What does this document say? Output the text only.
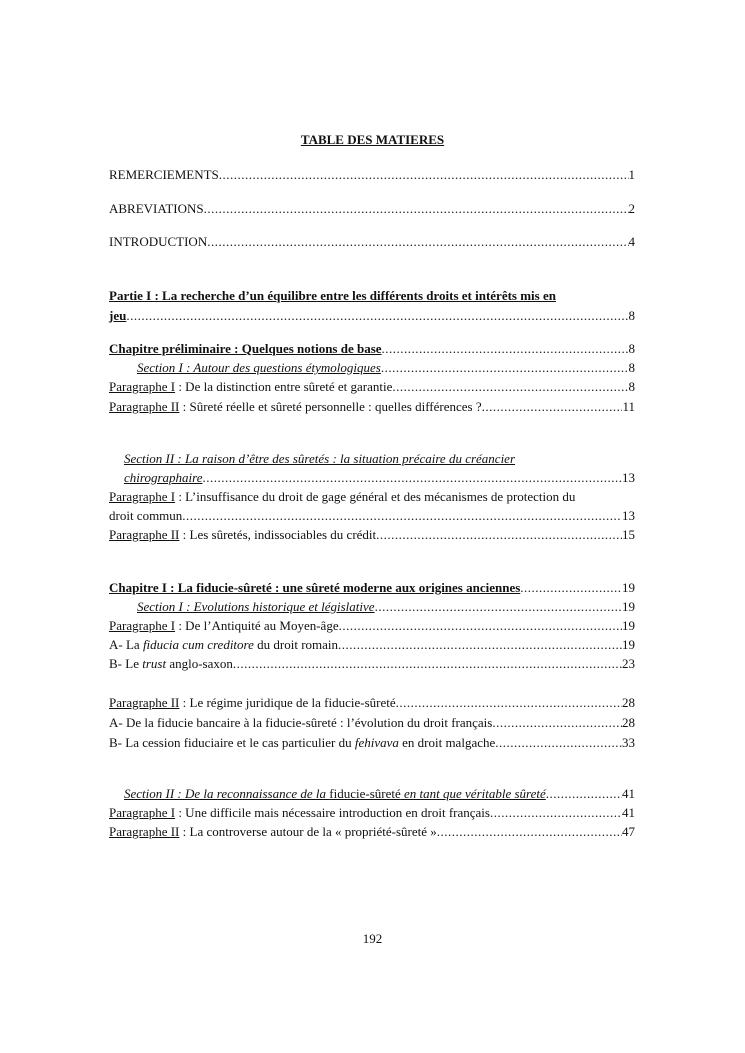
TABLE DES MATIERES
REMERCIEMENTS .....	1
ABREVIATIONS .....	2
INTRODUCTION .....	4
Partie I : La recherche d’un équilibre entre les différents droits et intérêts mis en
jeu .....	8
Chapitre préliminaire : Quelques notions de base .....	8
Section I : Autour des questions étymologiques .....	8
Paragraphe I : De la distinction entre sûreté et garantie .....	8
Paragraphe II : Sûreté réelle et sûreté personnelle : quelles différences ? .....	11
Section II : La raison d’être des sûretés : la situation précaire du créancier
chirographaire .....	13
Paragraphe I : L’insuffisance du droit de gage général et des mécanismes de protection du
droit commun .....	13
Paragraphe II : Les sûretés, indissociables du crédit .....	15
Chapitre I : La fiducie-sûreté : une sûreté moderne aux origines anciennes .....	19
Section I : Evolutions historique et législative .....	19
Paragraphe I : De l’Antiquité au Moyen-âge .....	19
A- La fiducia cum creditore du droit romain .....	19
B- Le trust anglo-saxon .....	23
Paragraphe II : Le régime juridique de la fiducie-sûreté .....	28
A- De la fiducie bancaire à la fiducie-sûreté : l’évolution du droit français .....	28
B- La cession fiduciaire et le cas particulier du fehivava en droit malgache .....	33
Section II : De la reconnaissance de la fiducie-sûreté en tant que véritable sûreté .....	41
Paragraphe I : Une difficile mais nécessaire introduction en droit français .....	41
Paragraphe II : La controverse autour de la « propriété-sûreté » .....	47
192
